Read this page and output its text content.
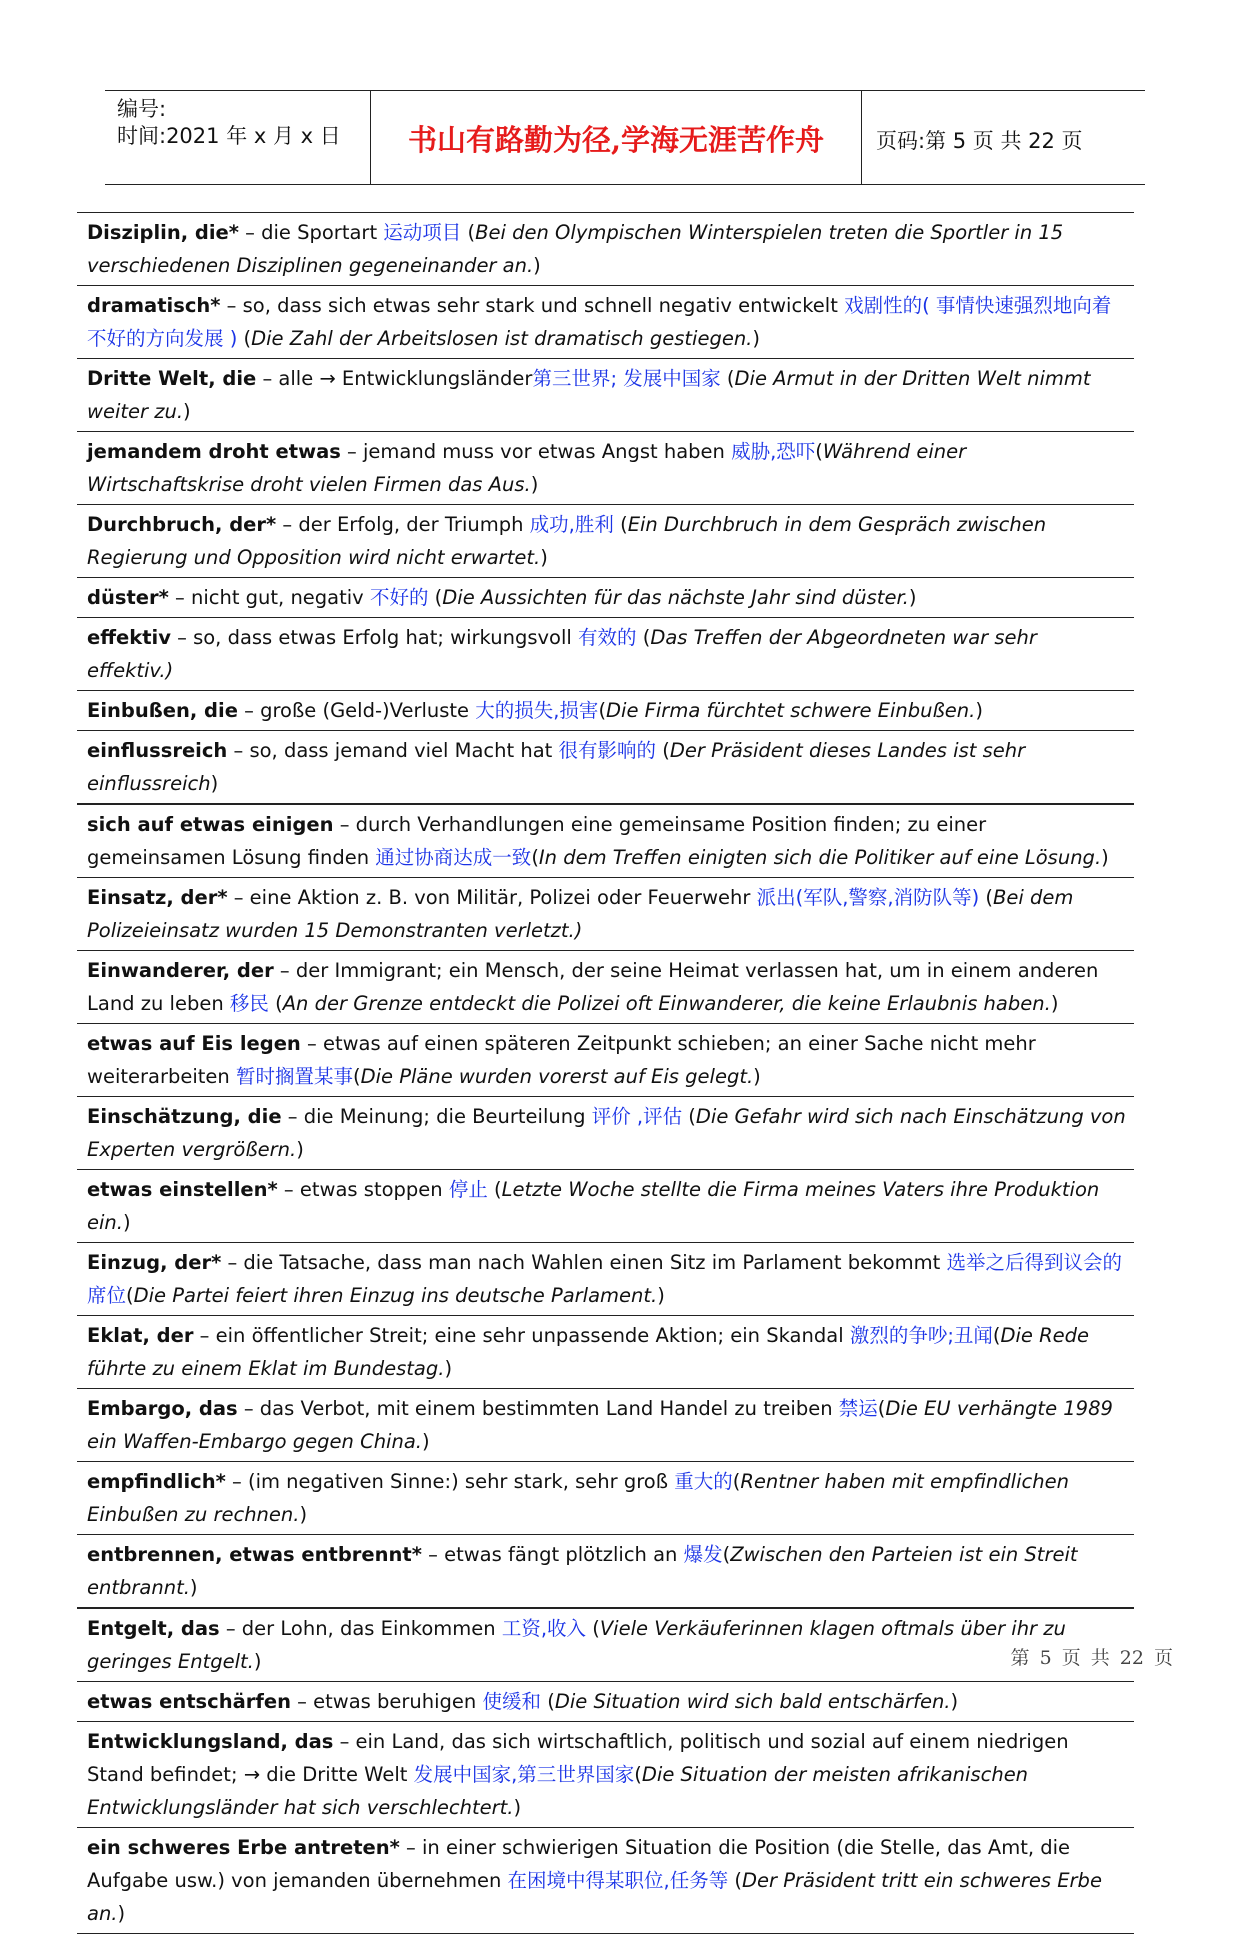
编号:
时间:2021 年 x 月 x 日	书山有路勤为径,学海无涯苦作舟	页码:第 5 页 共 22 页
Disziplin, die* – die Sportart 运动项目 (Bei den Olympischen Winterspielen treten die Sportler in 15 verschiedenen Disziplinen gegeneinander an.)
dramatisch* – so, dass sich etwas sehr stark und schnell negativ entwickelt 戏剧性的( 事情快速强烈地向着不好的方向发展 ) (Die Zahl der Arbeitslosen ist dramatisch gestiegen.)
Dritte Welt, die – alle → Entwicklungsländer第三世界; 发展中国家 (Die Armut in der Dritten Welt nimmt weiter zu.)
jemandem droht etwas – jemand muss vor etwas Angst haben 威胁,恐吓(Während einer Wirtschaftskrise droht vielen Firmen das Aus.)
Durchbruch, der* – der Erfolg, der Triumph 成功,胜利 (Ein Durchbruch in dem Gespräch zwischen Regierung und Opposition wird nicht erwartet.)
düster* – nicht gut, negativ 不好的 (Die Aussichten für das nächste Jahr sind düster.)
effektiv – so, dass etwas Erfolg hat; wirkungsvoll 有效的 (Das Treffen der Abgeordneten war sehr effektiv.)
Einbußen, die – große (Geld-)Verluste 大的损失,损害(Die Firma fürchtet schwere Einbußen.)
einflussreich – so, dass jemand viel Macht hat 很有影响的 (Der Präsident dieses Landes ist sehr einflussreich)
sich auf etwas einigen – durch Verhandlungen eine gemeinsame Position finden; zu einer gemeinsamen Lösung finden 通过协商达成一致(In dem Treffen einigten sich die Politiker auf eine Lösung.)
Einsatz, der* – eine Aktion z. B. von Militär, Polizei oder Feuerwehr 派出(军队,警察,消防队等) (Bei dem Polizeieinsatz wurden 15 Demonstranten verletzt.)
Einwanderer, der – der Immigrant; ein Mensch, der seine Heimat verlassen hat, um in einem anderen Land zu leben 移民 (An der Grenze entdeckt die Polizei oft Einwanderer, die keine Erlaubnis haben.)
etwas auf Eis legen – etwas auf einen späteren Zeitpunkt schieben; an einer Sache nicht mehr weiterarbeiten 暂时搁置某事(Die Pläne wurden vorerst auf Eis gelegt.)
Einschätzung, die – die Meinung; die Beurteilung 评价 ,评估 (Die Gefahr wird sich nach Einschätzung von Experten vergrößern.)
etwas einstellen* – etwas stoppen 停止 (Letzte Woche stellte die Firma meines Vaters ihre Produktion ein.)
Einzug, der* – die Tatsache, dass man nach Wahlen einen Sitz im Parlament bekommt 选举之后得到议会的席位(Die Partei feiert ihren Einzug ins deutsche Parlament.)
Eklat, der – ein öffentlicher Streit; eine sehr unpassende Aktion; ein Skandal 激烈的争吵;丑闻(Die Rede führte zu einem Eklat im Bundestag.)
Embargo, das – das Verbot, mit einem bestimmten Land Handel zu treiben 禁运(Die EU verhängte 1989 ein Waffen-Embargo gegen China.)
empfindlich* – (im negativen Sinne:) sehr stark, sehr groß 重大的(Rentner haben mit empfindlichen Einbußen zu rechnen.)
entbrennen, etwas entbrennt* – etwas fängt plötzlich an 爆发(Zwischen den Parteien ist ein Streit entbrannt.)
Entgelt, das – der Lohn, das Einkommen 工资,收入 (Viele Verkäuferinnen klagen oftmals über ihr zu geringes Entgelt.)
etwas entschärfen – etwas beruhigen 使缓和 (Die Situation wird sich bald entschärfen.)
Entwicklungsland, das – ein Land, das sich wirtschaftlich, politisch und sozial auf einem niedrigen Stand befindet; → die Dritte Welt 发展中国家,第三世界国家(Die Situation der meisten afrikanischen Entwicklungsländer hat sich verschlechtert.)
ein schweres Erbe antreten* – in einer schwierigen Situation die Position (die Stelle, das Amt, die Aufgabe usw.) von jemanden übernehmen 在困境中得某职位,任务等 (Der Präsident tritt ein schweres Erbe an.)
第 5 页 共 22 页
